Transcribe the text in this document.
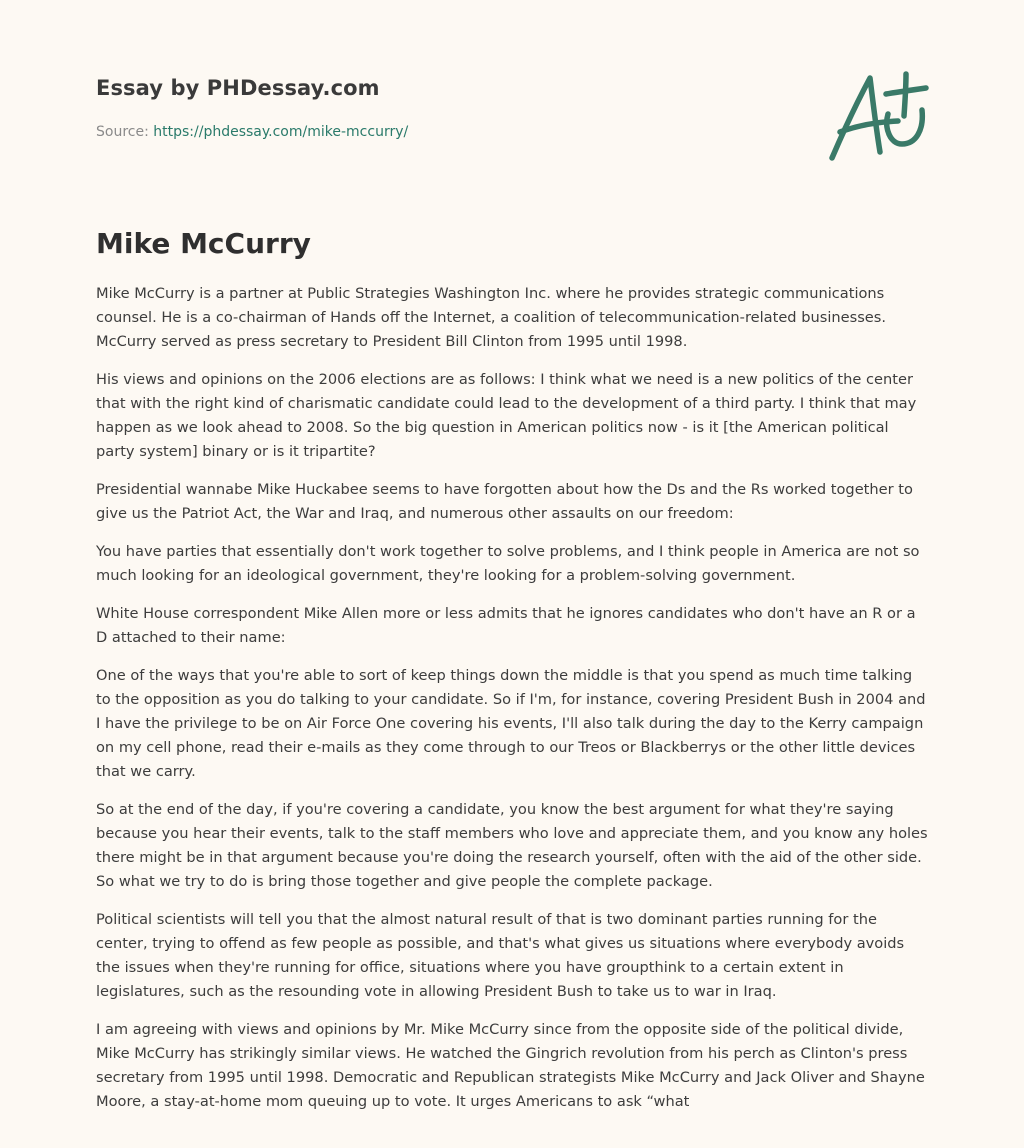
Essay by PHDessay.com
Source: https://phdessay.com/mike-mccurry/
Mike McCurry

Mike McCurry is a partner at Public Strategies Washington Inc. where he provides strategic communications counsel. He is a co-chairman of Hands off the Internet, a coalition of telecommunication-related businesses. McCurry served as press secretary to President Bill Clinton from 1995 until 1998.

His views and opinions on the 2006 elections are as follows: I think what we need is a new politics of the center that with the right kind of charismatic candidate could lead to the development of a third party. I think that may happen as we look ahead to 2008. So the big question in American politics now - is it [the American political party system] binary or is it tripartite?

Presidential wannabe Mike Huckabee seems to have forgotten about how the Ds and the Rs worked together to give us the Patriot Act, the War and Iraq, and numerous other assaults on our freedom:

You have parties that essentially don't work together to solve problems, and I think people in America are not so much looking for an ideological government, they're looking for a problem-solving government.

White House correspondent Mike Allen more or less admits that he ignores candidates who don't have an R or a D attached to their name:

One of the ways that you're able to sort of keep things down the middle is that you spend as much time talking to the opposition as you do talking to your candidate. So if I'm, for instance, covering President Bush in 2004 and I have the privilege to be on Air Force One covering his events, I'll also talk during the day to the Kerry campaign on my cell phone, read their e-mails as they come through to our Treos or Blackberrys or the other little devices that we carry.

So at the end of the day, if you're covering a candidate, you know the best argument for what they're saying because you hear their events, talk to the staff members who love and appreciate them, and you know any holes there might be in that argument because you're doing the research yourself, often with the aid of the other side. So what we try to do is bring those together and give people the complete package.

Political scientists will tell you that the almost natural result of that is two dominant parties running for the center, trying to offend as few people as possible, and that's what gives us situations where everybody avoids the issues when they're running for office, situations where you have groupthink to a certain extent in legislatures, such as the resounding vote in allowing President Bush to take us to war in Iraq.

I am agreeing with views and opinions by Mr. Mike McCurry since from the opposite side of the political divide, Mike McCurry has strikingly similar views. He watched the Gingrich revolution from his perch as Clinton's press secretary from 1995 until 1998. Democratic and Republican strategists Mike McCurry and Jack Oliver and Shayne Moore, a stay-at-home mom queuing up to vote. It urges Americans to ask “what
